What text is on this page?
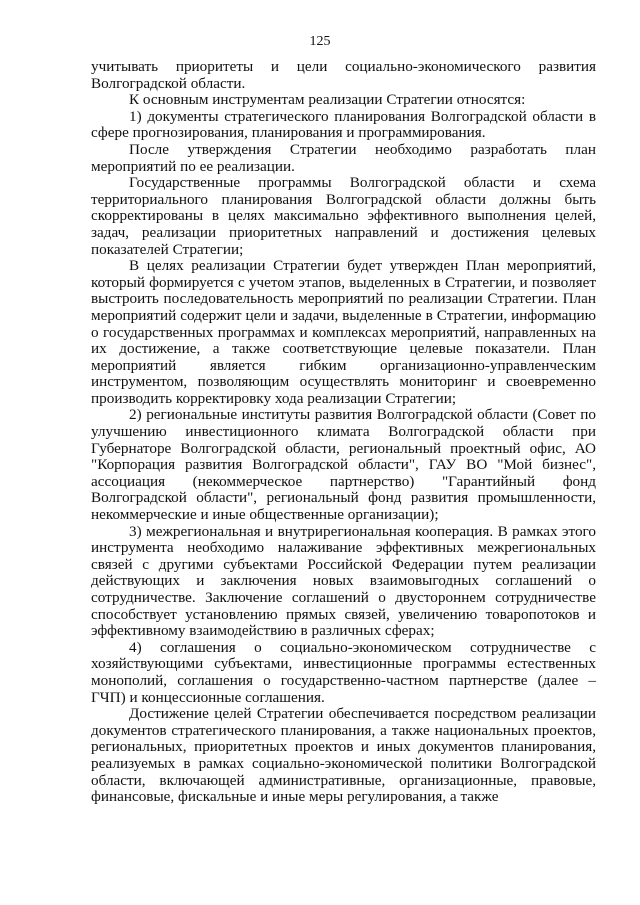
125

учитывать приоритеты и цели социально-экономического развития Волгоградской области.

К основным инструментам реализации Стратегии относятся:

1) документы стратегического планирования Волгоградской области в сфере прогнозирования, планирования и программирования.

После утверждения Стратегии необходимо разработать план мероприятий по ее реализации.

Государственные программы Волгоградской области и схема территориального планирования Волгоградской области должны быть скорректированы в целях максимально эффективного выполнения целей, задач, реализации приоритетных направлений и достижения целевых показателей Стратегии;

В целях реализации Стратегии будет утвержден План мероприятий, который формируется с учетом этапов, выделенных в Стратегии, и позволяет выстроить последовательность мероприятий по реализации Стратегии. План мероприятий содержит цели и задачи, выделенные в Стратегии, информацию о государственных программах и комплексах мероприятий, направленных на их достижение, а также соответствующие целевые показатели. План мероприятий является гибким организационно-управленческим инструментом, позволяющим осуществлять мониторинг и своевременно производить корректировку хода реализации Стратегии;

2) региональные институты развития Волгоградской области (Совет по улучшению инвестиционного климата Волгоградской области при Губернаторе Волгоградской области, региональный проектный офис, АО "Корпорация развития Волгоградской области", ГАУ ВО "Мой бизнес", ассоциация (некоммерческое партнерство) "Гарантийный фонд Волгоградской области", региональный фонд развития промышленности, некоммерческие и иные общественные организации);

3) межрегиональная и внутрирегиональная кооперация. В рамках этого инструмента необходимо налаживание эффективных межрегиональных связей с другими субъектами Российской Федерации путем реализации действующих и заключения новых взаимовыгодных соглашений о сотрудничестве. Заключение соглашений о двустороннем сотрудничестве способствует установлению прямых связей, увеличению товаропотоков и эффективному взаимодействию в различных сферах;

4) соглашения о социально-экономическом сотрудничестве с хозяйствующими субъектами, инвестиционные программы естественных монополий, соглашения о государственно-частном партнерстве (далее – ГЧП) и концессионные соглашения.

Достижение целей Стратегии обеспечивается посредством реализации документов стратегического планирования, а также национальных проектов, региональных, приоритетных проектов и иных документов планирования, реализуемых в рамках социально-экономической политики Волгоградской области, включающей административные, организационные, правовые, финансовые, фискальные и иные меры регулирования, а также
